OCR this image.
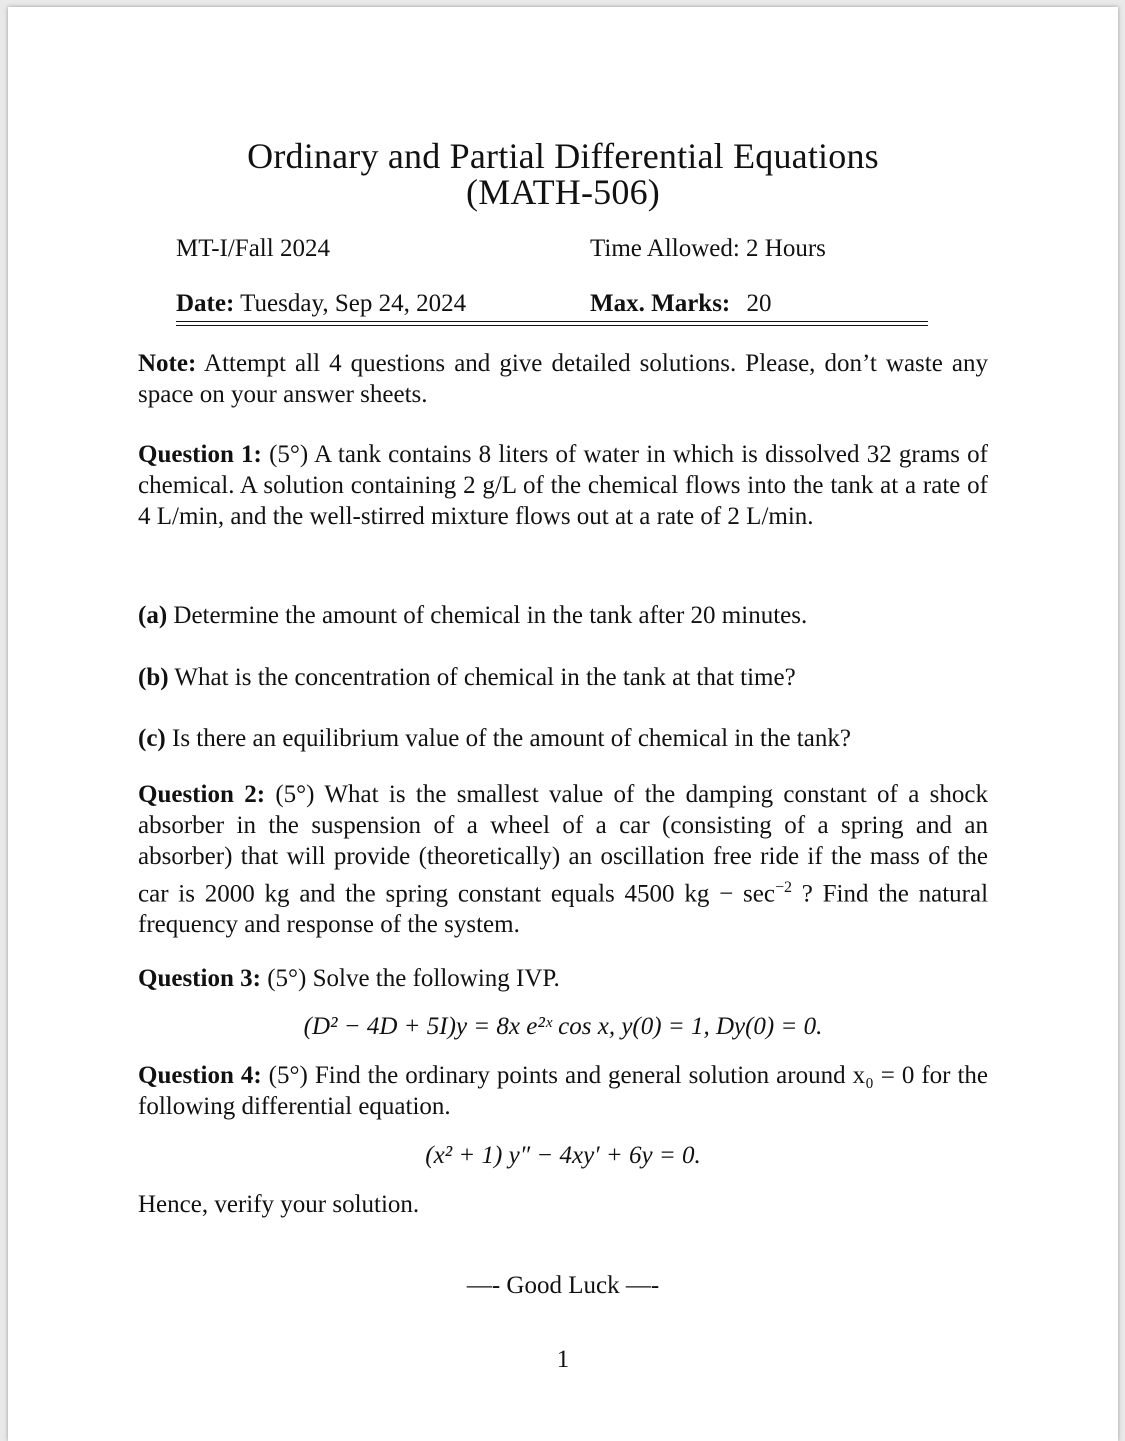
Ordinary and Partial Differential Equations
(MATH-506)
MT-I/Fall 2024	Time Allowed: 2 Hours
Date: Tuesday, Sep 24, 2024	Max. Marks: 20
Note: Attempt all 4 questions and give detailed solutions. Please, don’t waste any space on your answer sheets.
Question 1: (5°) A tank contains 8 liters of water in which is dissolved 32 grams of chemical. A solution containing 2 g/L of the chemical flows into the tank at a rate of 4 L/min, and the well-stirred mixture flows out at a rate of 2 L/min.
(a) Determine the amount of chemical in the tank after 20 minutes.
(b) What is the concentration of chemical in the tank at that time?
(c) Is there an equilibrium value of the amount of chemical in the tank?
Question 2: (5°) What is the smallest value of the damping constant of a shock absorber in the suspension of a wheel of a car (consisting of a spring and an absorber) that will provide (theoretically) an oscillation free ride if the mass of the car is 2000 kg and the spring constant equals 4500 kg − $\sec^{-2}$ ? Find the natural frequency and response of the system.
Question 3: (5°) Solve the following IVP.
(D² − 4D + 5I)y = 8x e²ˣ cos x, y(0) = 1, Dy(0) = 0.
Question 4: (5°) Find the ordinary points and general solution around x₀ = 0 for the following differential equation.
(x² + 1) y″ − 4xy′ + 6y = 0.
Hence, verify your solution.
—- Good Luck —-
1
